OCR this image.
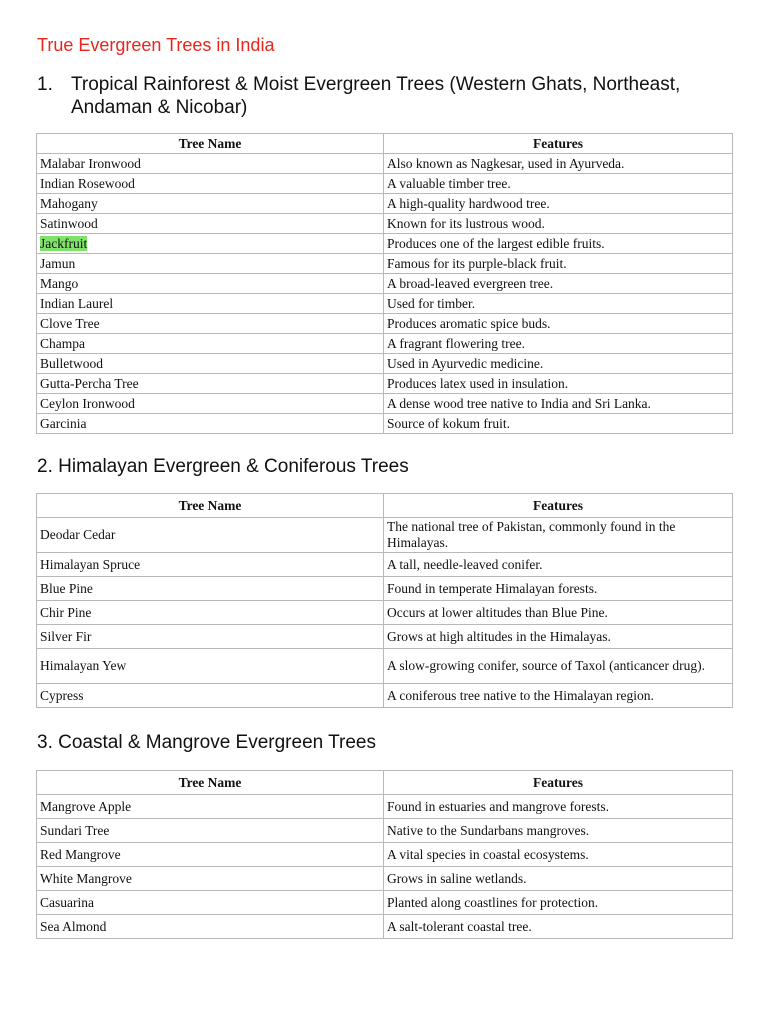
True Evergreen Trees in India
1. Tropical Rainforest & Moist Evergreen Trees (Western Ghats, Northeast, Andaman & Nicobar)
Tree Name	Features
Malabar Ironwood	Also known as Nagkesar, used in Ayurveda.
Indian Rosewood	A valuable timber tree.
Mahogany	A high-quality hardwood tree.
Satinwood	Known for its lustrous wood.
Jackfruit	Produces one of the largest edible fruits.
Jamun	Famous for its purple-black fruit.
Mango	A broad-leaved evergreen tree.
Indian Laurel	Used for timber.
Clove Tree	Produces aromatic spice buds.
Champa	A fragrant flowering tree.
Bulletwood	Used in Ayurvedic medicine.
Gutta-Percha Tree	Produces latex used in insulation.
Ceylon Ironwood	A dense wood tree native to India and Sri Lanka.
Garcinia	Source of kokum fruit.
2. Himalayan Evergreen & Coniferous Trees
Tree Name	Features
Deodar Cedar	The national tree of Pakistan, commonly found in the Himalayas.
Himalayan Spruce	A tall, needle-leaved conifer.
Blue Pine	Found in temperate Himalayan forests.
Chir Pine	Occurs at lower altitudes than Blue Pine.
Silver Fir	Grows at high altitudes in the Himalayas.
Himalayan Yew	A slow-growing conifer, source of Taxol (anticancer drug).
Cypress	A coniferous tree native to the Himalayan region.
3. Coastal & Mangrove Evergreen Trees
Tree Name	Features
Mangrove Apple	Found in estuaries and mangrove forests.
Sundari Tree	Native to the Sundarbans mangroves.
Red Mangrove	A vital species in coastal ecosystems.
White Mangrove	Grows in saline wetlands.
Casuarina	Planted along coastlines for protection.
Sea Almond	A salt-tolerant coastal tree.
